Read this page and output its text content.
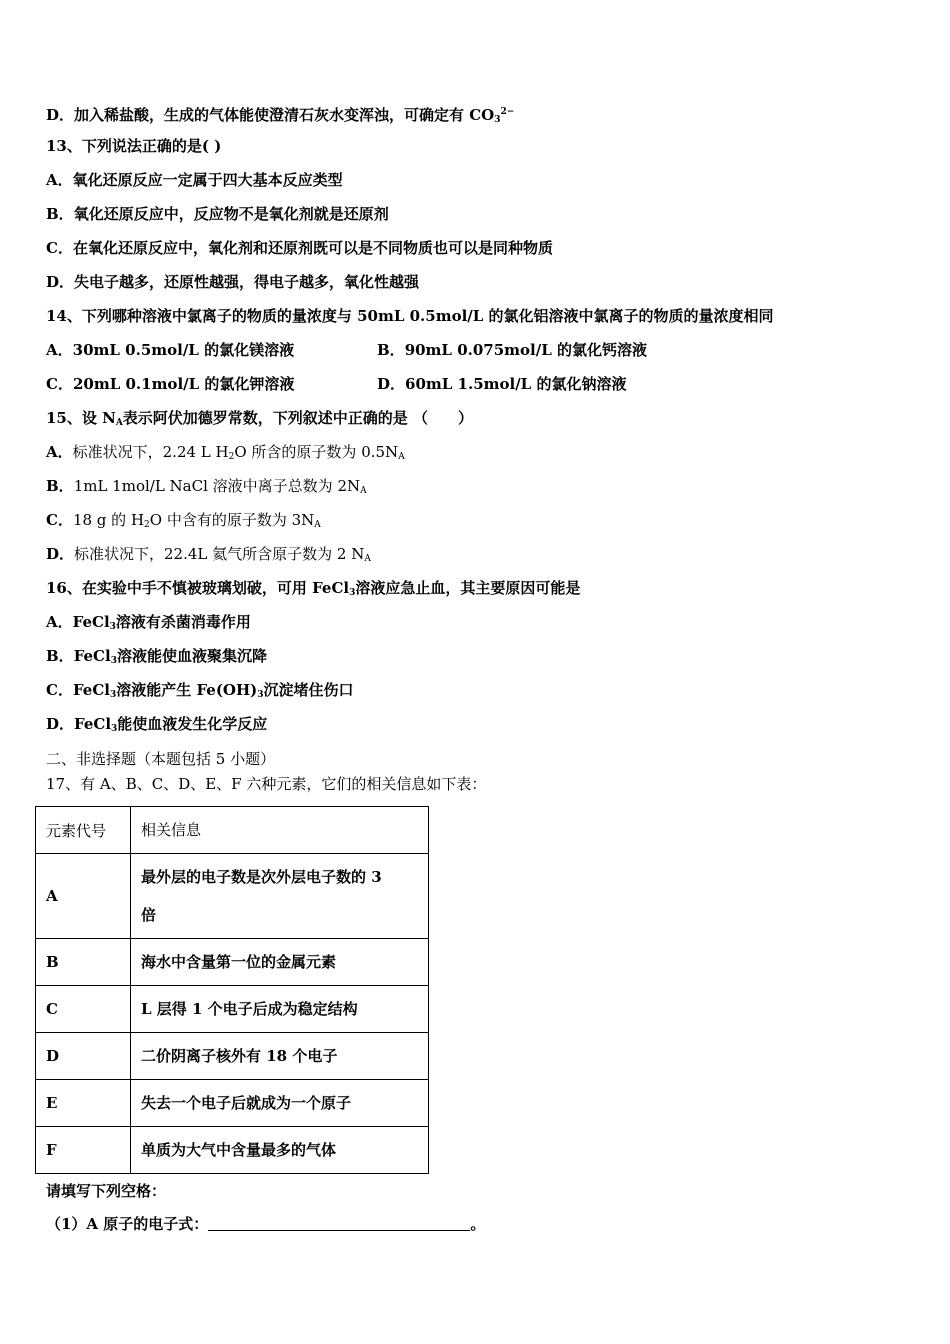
D．加入稀盐酸，生成的气体能使澄清石灰水变浑浊，可确定有 $CO_3^{2-}$
13、下列说法正确的是( )
A．氧化还原反应一定属于四大基本反应类型
B．氧化还原反应中，反应物不是氧化剂就是还原剂
C．在氧化还原反应中，氧化剂和还原剂既可以是不同物质也可以是同种物质
D．失电子越多，还原性越强，得电子越多，氧化性越强
14、下列哪种溶液中氯离子的物质的量浓度与 50mL 0.5mol/L 的氯化铝溶液中氯离子的物质的量浓度相同
A．30mL 0.5mol/L 的氯化镁溶液	B．90mL 0.075mol/L 的氯化钙溶液
C．20mL 0.1mol/L 的氯化钾溶液	D．60mL 1.5mol/L 的氯化钠溶液
15、设 $N_A$表示阿伏加德罗常数，下列叙述中正确的是 （　　）
A．标准状况下，2.24 L $H_2O$ 所含的原子数为 $0.5N_A$
B．1mL 1mol/L NaCl 溶液中离子总数为 $2N_A$
C．18 g 的 $H_2O$ 中含有的原子数为 $3N_A$
D．标准状况下，22.4L 氦气所含原子数为 2 $N_A$
16、在实验中手不慎被玻璃划破，可用 FeCl$_3$溶液应急止血，其主要原因可能是
A．FeCl$_3$溶液有杀菌消毒作用
B．FeCl$_3$溶液能使血液聚集沉降
C．FeCl$_3$溶液能产生 $Fe(OH)_3$沉淀堵住伤口
D．FeCl$_3$能使血液发生化学反应
二、非选择题（本题包括 5 小题）
17、有 A、B、C、D、E、F 六种元素，它们的相关信息如下表：
元素代号	相关信息
A	最外层的电子数是次外层电子数的 3
倍
B	海水中含量第一位的金属元素
C	L 层得 1 个电子后成为稳定结构
D	二价阴离子核外有 18 个电子
E	失去一个电子后就成为一个原子
F	单质为大气中含量最多的气体
请填写下列空格：
（1）A 原子的电子式：	。
